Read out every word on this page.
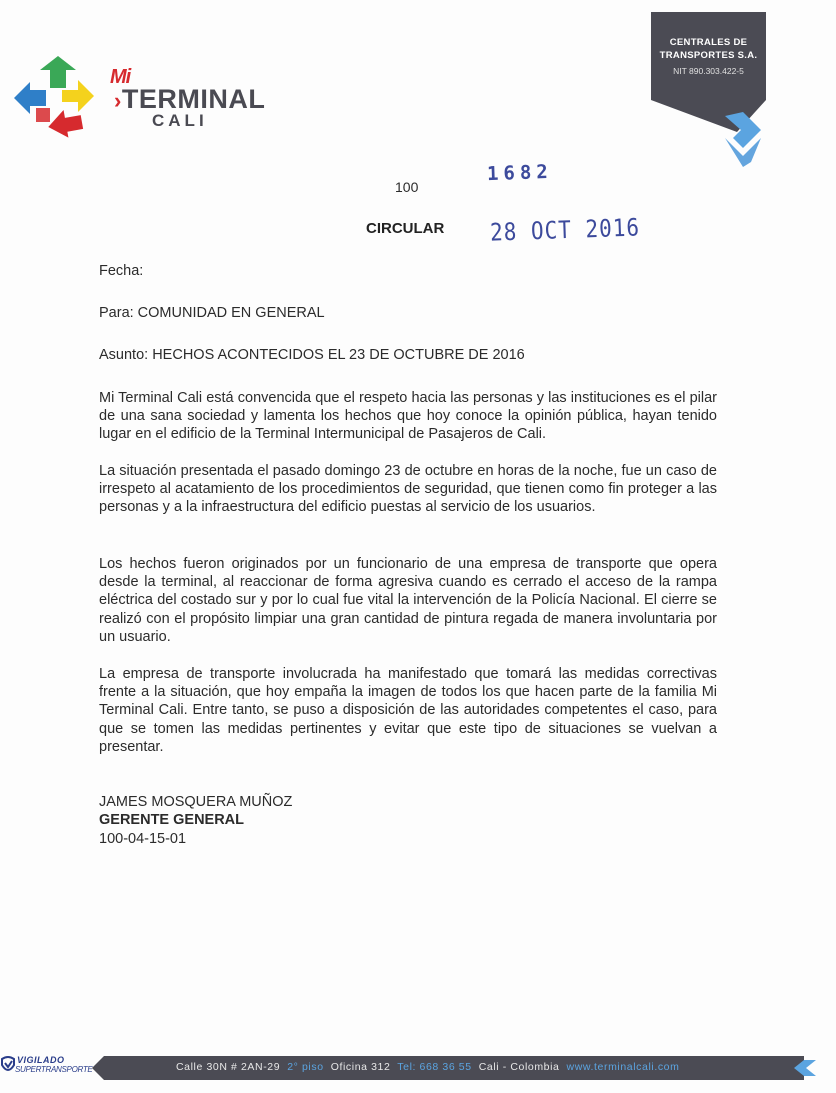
Mi
›TERMINAL
CALI
CENTRALES DE
TRANSPORTES S.A.
NIT 890.303.422-5
100
1682
CIRCULAR 28 OCT 2016
Fecha:
Para: COMUNIDAD EN GENERAL
Asunto: HECHOS ACONTECIDOS EL 23 DE OCTUBRE DE 2016
Mi Terminal Cali está convencida que el respeto hacia las personas y las instituciones es el pilar de una sana sociedad y lamenta los hechos que hoy conoce la opinión pública, hayan tenido lugar en el edificio de la Terminal Intermunicipal de Pasajeros de Cali.
La situación presentada el pasado domingo 23 de octubre en horas de la noche, fue un caso de irrespeto al acatamiento de los procedimientos de seguridad, que tienen como fin proteger a las personas y a la infraestructura del edificio puestas al servicio de los usuarios.
Los hechos fueron originados por un funcionario de una empresa de transporte que opera desde la terminal, al reaccionar de forma agresiva cuando es cerrado el acceso de la rampa eléctrica del costado sur y por lo cual fue vital la intervención de la Policía Nacional. El cierre se realizó con el propósito limpiar una gran cantidad de pintura regada de manera involuntaria por un usuario.
La empresa de transporte involucrada ha manifestado que tomará las medidas correctivas frente a la situación, que hoy empaña la imagen de todos los que hacen parte de la familia Mi Terminal Cali. Entre tanto, se puso a disposición de las autoridades competentes el caso, para que se tomen las medidas pertinentes y evitar que este tipo de situaciones se vuelvan a presentar.
JAMES MOSQUERA MUÑOZ
GERENTE GENERAL
100-04-15-01
VIGILADO
SUPERTRANSPORTE	Calle 30N # 2AN-29 2° piso Oficina 312 Tel: 668 36 55 Cali - Colombia www.terminalcali.com
